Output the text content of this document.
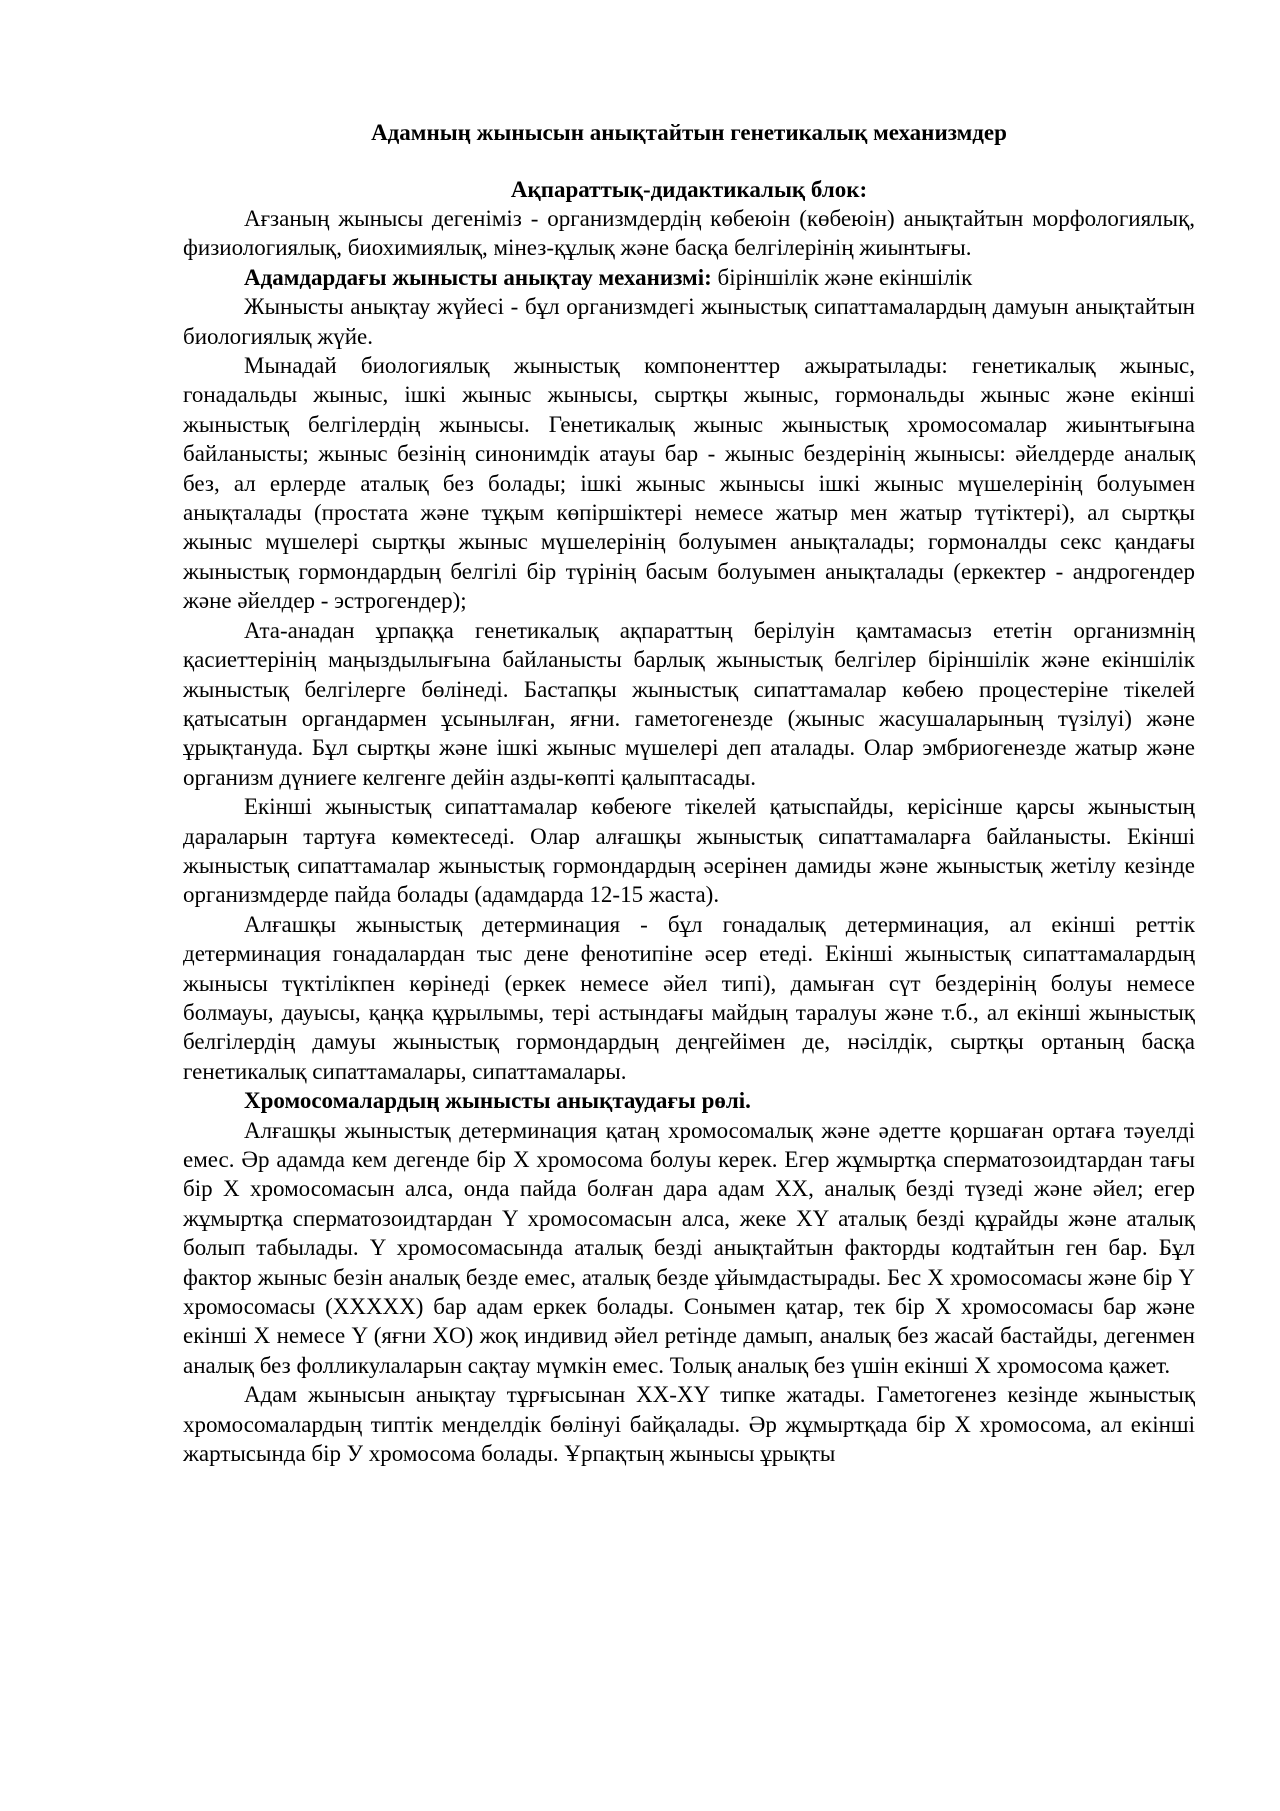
Адамның жынысын анықтайтын генетикалық механизмдер
Ақпараттық-дидактикалық блок:

Ағзаның жынысы дегеніміз - организмдердің көбеюін (көбеюін) анықтайтын морфологиялық, физиологиялық, биохимиялық, мінез-құлық және басқа белгілерінің жиынтығы.

Адамдардағы жынысты анықтау механизмі: біріншілік және екіншілік

Жынысты анықтау жүйесі - бұл организмдегі жыныстық сипаттамалардың дамуын анықтайтын биологиялық жүйе.

Мынадай биологиялық жыныстық компоненттер ажыратылады: генетикалық жыныс, гонадальды жыныс, ішкі жыныс жынысы, сыртқы жыныс, гормональды жыныс және екінші жыныстық белгілердің жынысы. Генетикалық жыныс жыныстық хромосомалар жиынтығына байланысты; жыныс безінің синонимдік атауы бар - жыныс бездерінің жынысы: әйелдерде аналық без, ал ерлерде аталық без болады; ішкі жыныс жынысы ішкі жыныс мүшелерінің болуымен анықталады (простата және тұқым көпіршіктері немесе жатыр мен жатыр түтіктері), ал сыртқы жыныс мүшелері сыртқы жыныс мүшелерінің болуымен анықталады; гормоналды секс қандағы жыныстық гормондардың белгілі бір түрінің басым болуымен анықталады (еркектер - андрогендер және әйелдер - эстрогендер);

Ата-анадан ұрпаққа генетикалық ақпараттың берілуін қамтамасыз ететін организмнің қасиеттерінің маңыздылығына байланысты барлық жыныстық белгілер біріншілік және екіншілік жыныстық белгілерге бөлінеді. Бастапқы жыныстық сипаттамалар көбею процестеріне тікелей қатысатын органдармен ұсынылған, яғни. гаметогенезде (жыныс жасушаларының түзілуі) және ұрықтануда. Бұл сыртқы және ішкі жыныс мүшелері деп аталады. Олар эмбриогенезде жатыр және организм дүниеге келгенге дейін азды-көпті қалыптасады.

Екінші жыныстық сипаттамалар көбеюге тікелей қатыспайды, керісінше қарсы жыныстың дараларын тартуға көмектеседі. Олар алғашқы жыныстық сипаттамаларға байланысты. Екінші жыныстық сипаттамалар жыныстық гормондардың әсерінен дамиды және жыныстық жетілу кезінде организмдерде пайда болады (адамдарда 12-15 жаста).

Алғашқы жыныстық детерминация - бұл гонадалық детерминация, ал екінші реттік детерминация гонадалардан тыс дене фенотипіне әсер етеді. Екінші жыныстық сипаттамалардың жынысы түктілікпен көрінеді (еркек немесе әйел типі), дамыған сүт бездерінің болуы немесе болмауы, дауысы, қаңқа құрылымы, тері астындағы майдың таралуы және т.б., ал екінші жыныстық белгілердің дамуы жыныстық гормондардың деңгейімен де, нәсілдік, сыртқы ортаның басқа генетикалық сипаттамалары, сипаттамалары.

Хромосомалардың жынысты анықтаудағы рөлі.

Алғашқы жыныстық детерминация қатаң хромосомалық және әдетте қоршаған ортаға тәуелді емес. Әр адамда кем дегенде бір X хромосома болуы керек. Егер жұмыртқа сперматозоидтардан тағы бір X хромосомасын алса, онда пайда болған дара адам XX, аналық безді түзеді және әйел; егер жұмыртқа сперматозоидтардан Y хромосомасын алса, жеке XY аталық безді құрайды және аталық болып табылады. Y хромосомасында аталық безді анықтайтын факторды кодтайтын ген бар. Бұл фактор жыныс безін аналық безде емес, аталық безде ұйымдастырады. Бес X хромосомасы және бір Y хромосомасы (XXXXX) бар адам еркек болады. Сонымен қатар, тек бір X хромосомасы бар және екінші X немесе Y (яғни XO) жоқ индивид әйел ретінде дамып, аналық без жасай бастайды, дегенмен аналық без фолликулаларын сақтау мүмкін емес. Толық аналық без үшін екінші X хромосома қажет.

Адам жынысын анықтау тұрғысынан XX-XY типке жатады. Гаметогенез кезінде жыныстық хромосомалардың типтік менделдік бөлінуі байқалады. Әр жұмыртқада бір X хромосома, ал екінші жартысында бір У хромосома болады. Ұрпақтың жынысы ұрықты
